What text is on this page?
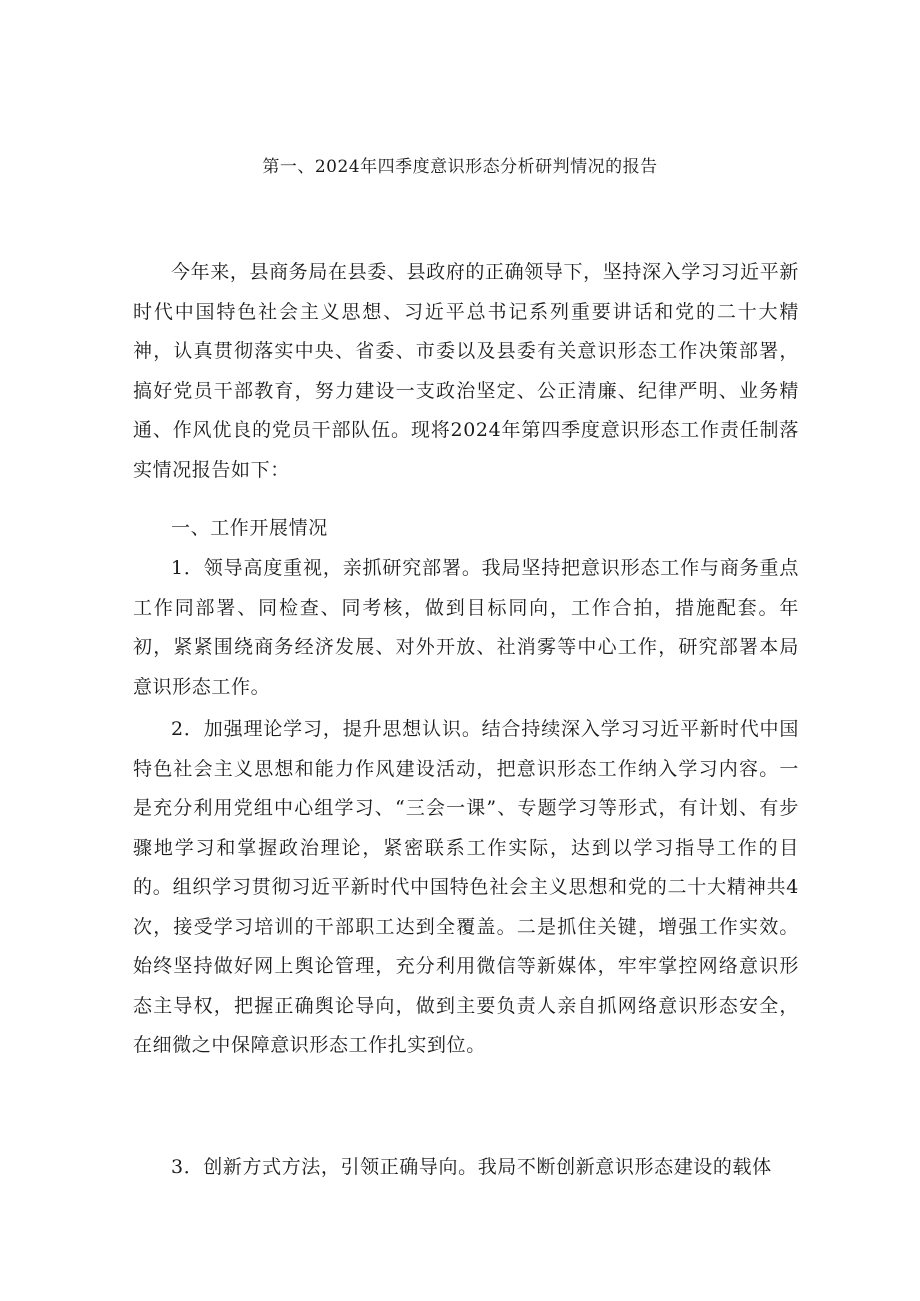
第一、2024年四季度意识形态分析研判情况的报告

今年来，县商务局在县委、县政府的正确领导下，坚持深入学习习近平新时代中国特色社会主义思想、习近平总书记系列重要讲话和党的二十大精神，认真贯彻落实中央、省委、市委以及县委有关意识形态工作决策部署，搞好党员干部教育，努力建设一支政治坚定、公正清廉、纪律严明、业务精通、作风优良的党员干部队伍。现将2024年第四季度意识形态工作责任制落实情况报告如下：

一、工作开展情况

1．领导高度重视，亲抓研究部署。我局坚持把意识形态工作与商务重点工作同部署、同检查、同考核，做到目标同向，工作合拍，措施配套。年初，紧紧围绕商务经济发展、对外开放、社消雾等中心工作，研究部署本局意识形态工作。

2．加强理论学习，提升思想认识。结合持续深入学习习近平新时代中国特色社会主义思想和能力作风建设活动，把意识形态工作纳入学习内容。一是充分利用党组中心组学习、“三会一课”、专题学习等形式，有计划、有步骤地学习和掌握政治理论，紧密联系工作实际，达到以学习指导工作的目的。组织学习贯彻习近平新时代中国特色社会主义思想和党的二十大精神共4次，接受学习培训的干部职工达到全覆盖。二是抓住关键，增强工作实效。始终坚持做好网上舆论管理，充分利用微信等新媒体，牢牢掌控网络意识形态主导权，把握正确舆论导向，做到主要负责人亲自抓网络意识形态安全，在细微之中保障意识形态工作扎实到位。

3．创新方式方法，引领正确导向。我局不断创新意识形态建设的载体
